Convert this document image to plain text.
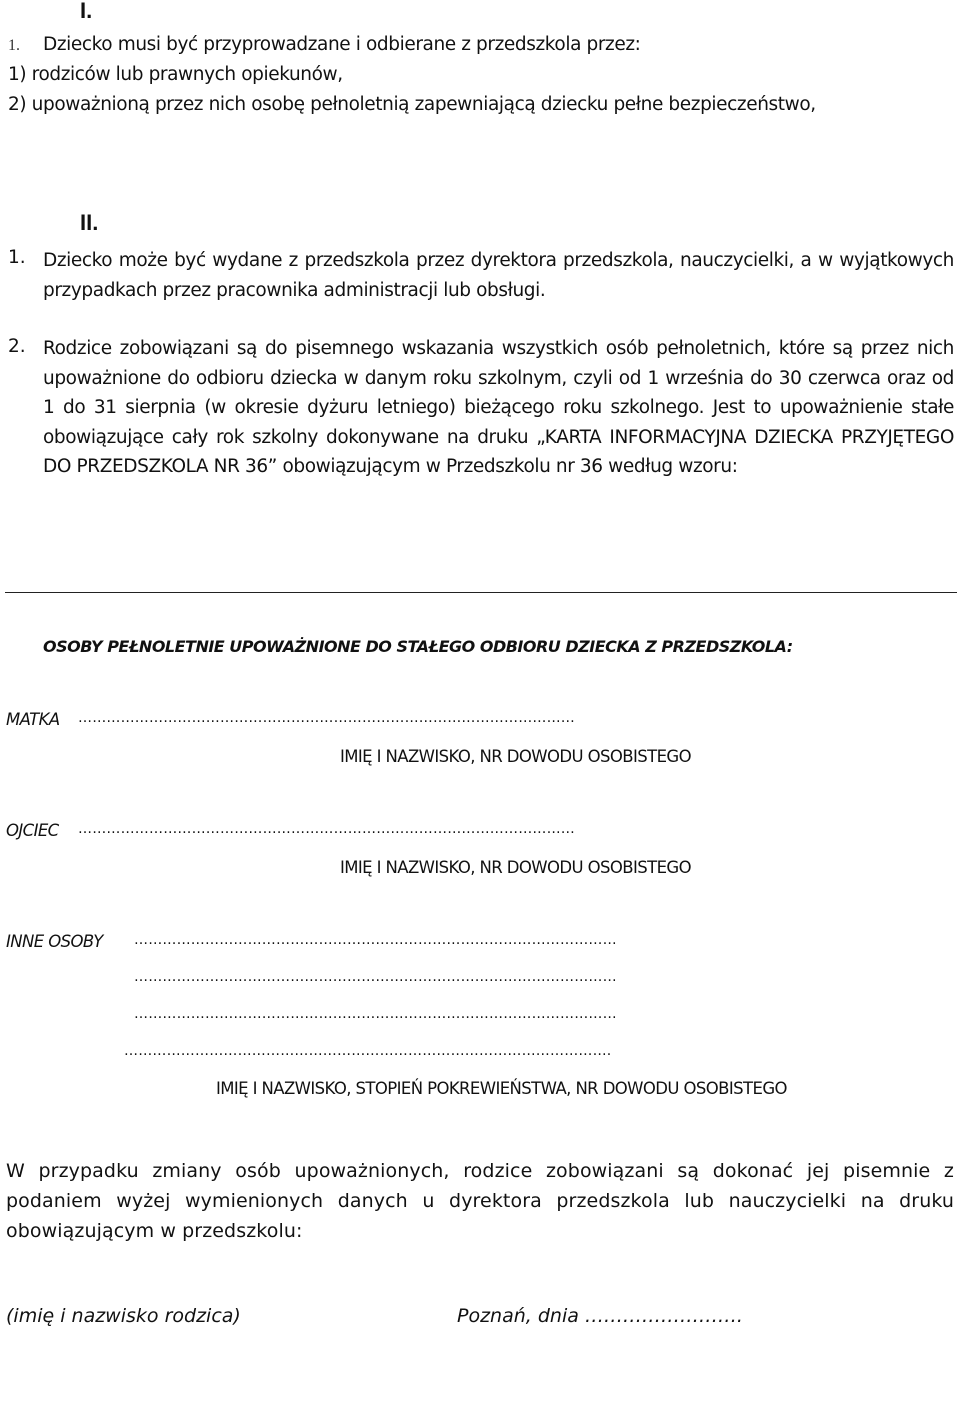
I.
1. Dziecko musi być przyprowadzane i odbierane z przedszkola przez:
1) rodziców lub prawnych opiekunów,
2) upoważnioną przez nich osobę pełnoletnią zapewniającą dziecku pełne bezpieczeństwo,
II.
1. Dziecko może być wydane z przedszkola przez dyrektora przedszkola, nauczycielki, a w wyjątkowych przypadkach przez pracownika administracji lub obsługi.
2. Rodzice zobowiązani są do pisemnego wskazania wszystkich osób pełnoletnich, które są przez nich upoważnione do odbioru dziecka w danym roku szkolnym, czyli od 1 września do 30 czerwca oraz od 1 do 31 sierpnia (w okresie dyżuru letniego) bieżącego roku szkolnego. Jest to upoważnienie stałe obowiązujące cały rok szkolny dokonywane na druku „KARTA INFORMACYJNA DZIECKA PRZYJĘTEGO DO PRZEDSZKOLA NR 36” obowiązującym w Przedszkolu nr 36 według wzoru:
OSOBY PEŁNOLETNIE UPOWAŻNIONE DO STAŁEGO ODBIORU DZIECKA Z PRZEDSZKOLA:
MATKA ……………………………………………………………………………………………
IMIĘ I NAZWISKO, NR DOWODU OSOBISTEGO
OJCIEC ……………………………………………………………………………………………
IMIĘ I NAZWISKO, NR DOWODU OSOBISTEGO
INNE OSOBY …………………………………………………………………………………………
…………………………………………………………………………………………
…………………………………………………………………………………………
………………………………………………………………………………………….
IMIĘ I NAZWISKO, STOPIEŃ POKREWIEŃSTWA, NR DOWODU OSOBISTEGO
W przypadku zmiany osób upoważnionych, rodzice zobowiązani są dokonać jej pisemnie z podaniem wyżej wymienionych danych u dyrektora przedszkola lub nauczycielki na druku obowiązującym w przedszkolu:
(imię i nazwisko rodzica)	Poznań, dnia …………………….
